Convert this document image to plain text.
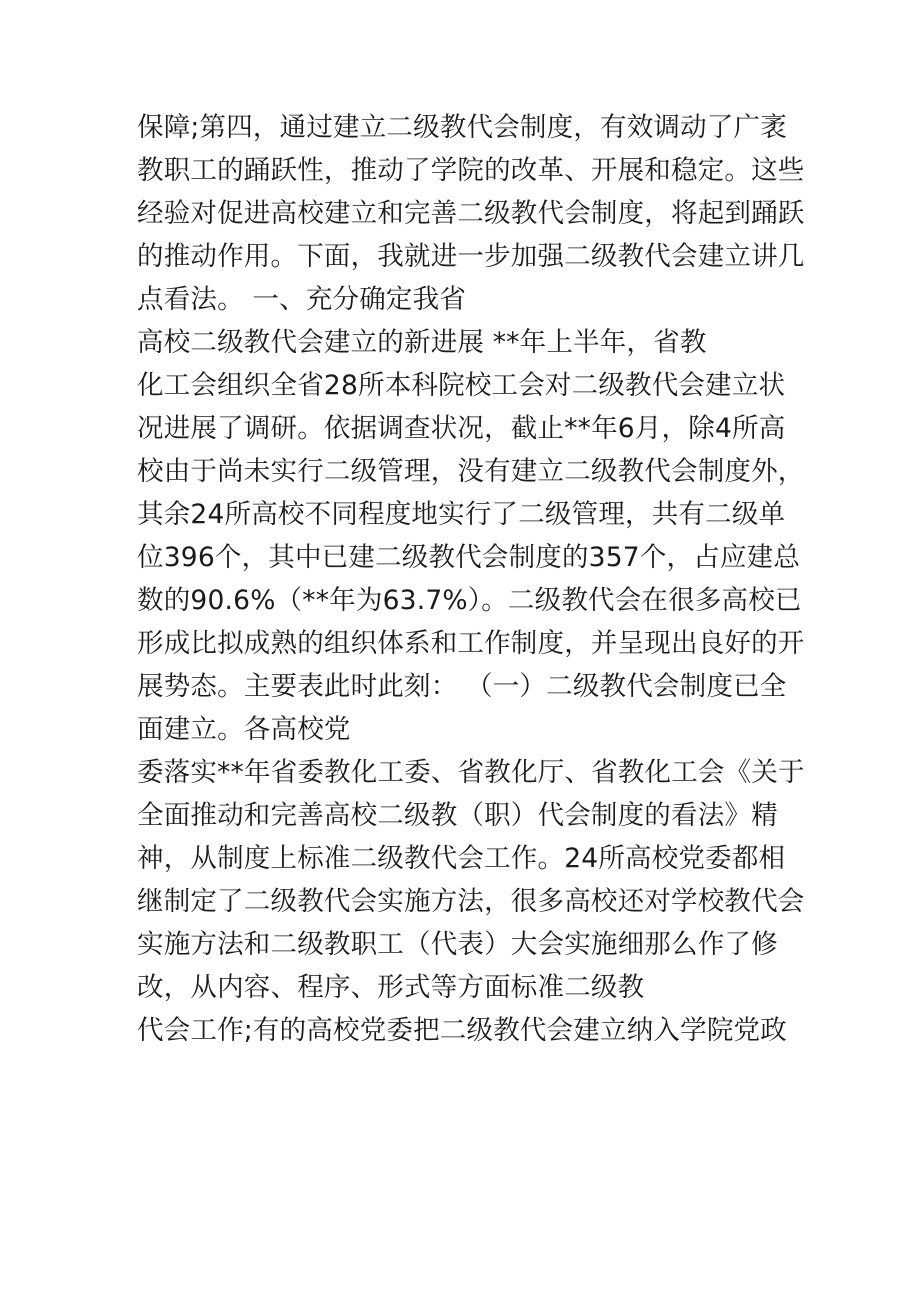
保障;第四，通过建立二级教代会制度，有效调动了广袤
教职工的踊跃性，推动了学院的改革、开展和稳定。这些
经验对促进高校建立和完善二级教代会制度，将起到踊跃
的推动作用。下面，我就进一步加强二级教代会建立讲几
点看法。 一、充分确定我省
高校二级教代会建立的新进展 **年上半年，省教
化工会组织全省28所本科院校工会对二级教代会建立状
况进展了调研。依据调查状况，截止**年6月，除4所高
校由于尚未实行二级管理，没有建立二级教代会制度外，
其余24所高校不同程度地实行了二级管理，共有二级单
位396个，其中已建二级教代会制度的357个，占应建总
数的90.6%（**年为63.7%）。二级教代会在很多高校已
形成比拟成熟的组织体系和工作制度，并呈现出良好的开
展势态。主要表此时此刻： （一）二级教代会制度已全
面建立。各高校党
委落实**年省委教化工委、省教化厅、省教化工会《关于
全面推动和完善高校二级教（职）代会制度的看法》精
神，从制度上标准二级教代会工作。24所高校党委都相
继制定了二级教代会实施方法，很多高校还对学校教代会
实施方法和二级教职工（代表）大会实施细那么作了修
改，从内容、程序、形式等方面标准二级教
代会工作;有的高校党委把二级教代会建立纳入学院党政
